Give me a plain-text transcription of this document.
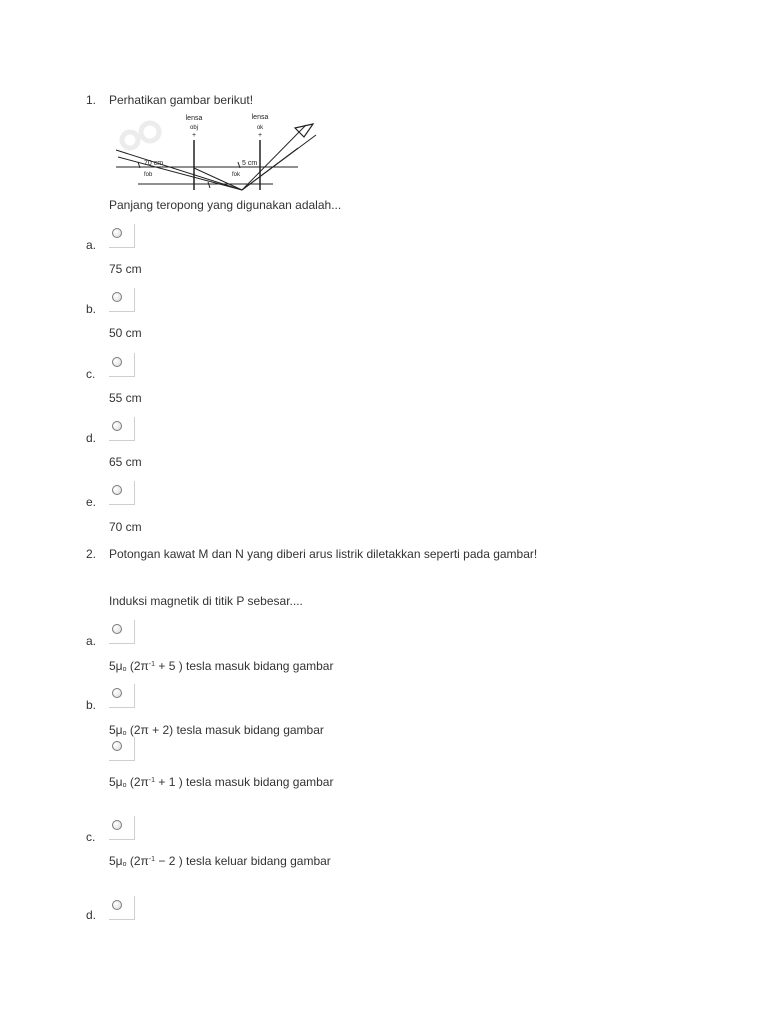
1. Perhatikan gambar berikut!
+	+
lensa
obj
lensa
ok
70 cm	5 cm
fob	fok
Panjang teropong yang digunakan adalah...
a.
75 cm
b.
50 cm
c.
55 cm
d.
65 cm
e.
70 cm
2. Potongan kawat M dan N yang diberi arus listrik diletakkan seperti pada gambar!
Induksi magnetik di titik P sebesar....
a.
5μo ($2\pi^{-1} + 5$ ) tesla masuk bidang gambar
b.
5μo (2π + 2) tesla masuk bidang gambar
5μo ($2\pi^{-1} + 1$ ) tesla masuk bidang gambar
c.
5μo ($2\pi^{-1} - 2$ ) tesla keluar bidang gambar
d.
